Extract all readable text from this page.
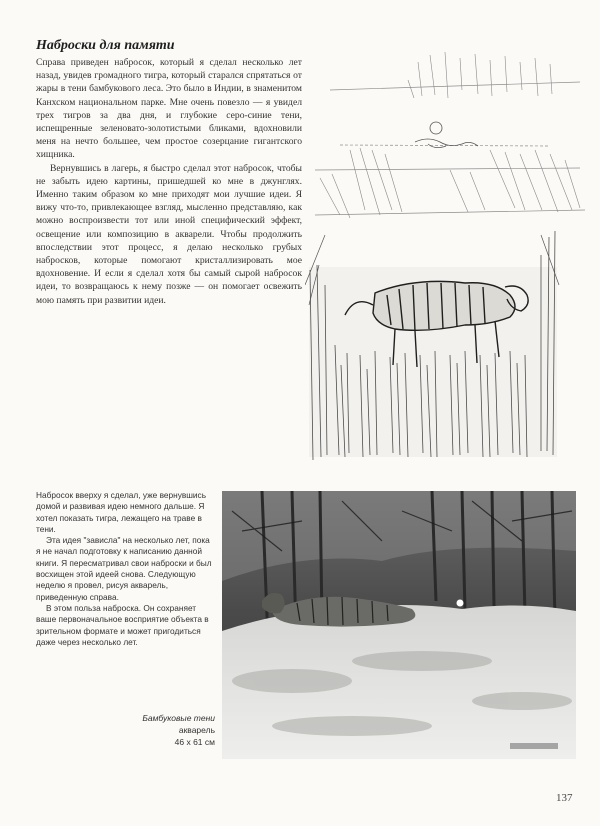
Наброски для памяти

Справа приведен набросок, который я сделал несколько лет назад, увидев громадного тигра, который старался спрятаться от жары в тени бамбукового леса. Это было в Индии, в знаменитом Канхском национальном парке. Мне очень повезло — я увидел трех тигров за два дня, и глубокие серо-синие тени, испещренные зеленовато-золотистыми бликами, вдохновили меня на нечто большее, чем простое созерцание гигантского хищника.

Вернувшись в лагерь, я быстро сделал этот набросок, чтобы не забыть идею картины, пришедшей ко мне в джунглях. Именно таким образом ко мне приходят мои лучшие идеи. Я вижу что-то, привлекающее взгляд, мысленно представляю, как можно воспроизвести тот или иной специфический эффект, освещение или композицию в акварели. Чтобы продолжить впоследствии этот процесс, я делаю несколько грубых набросков, которые помогают кристаллизировать мое вдохновение. И если я сделал хотя бы самый сырой набросок идеи, то возвращаюсь к нему позже — он помогает освежить мою память при развитии идеи.

Набросок вверху я сделал, уже вернувшись домой и развивая идею немного дальше. Я хотел показать тигра, лежащего на траве в тени.

Эта идея "зависла" на несколько лет, пока я не начал подготовку к написанию данной книги. Я пересматривал свои наброски и был восхищен этой идеей снова. Следующую неделю я провел, рисуя акварель, приведенную справа.

В этом польза наброска. Он сохраняет ваше первоначальное восприятие объекта в зрительном формате и может пригодиться даже через несколько лет.

Бамбуковые тени
акварель
46 x 61 см
137
